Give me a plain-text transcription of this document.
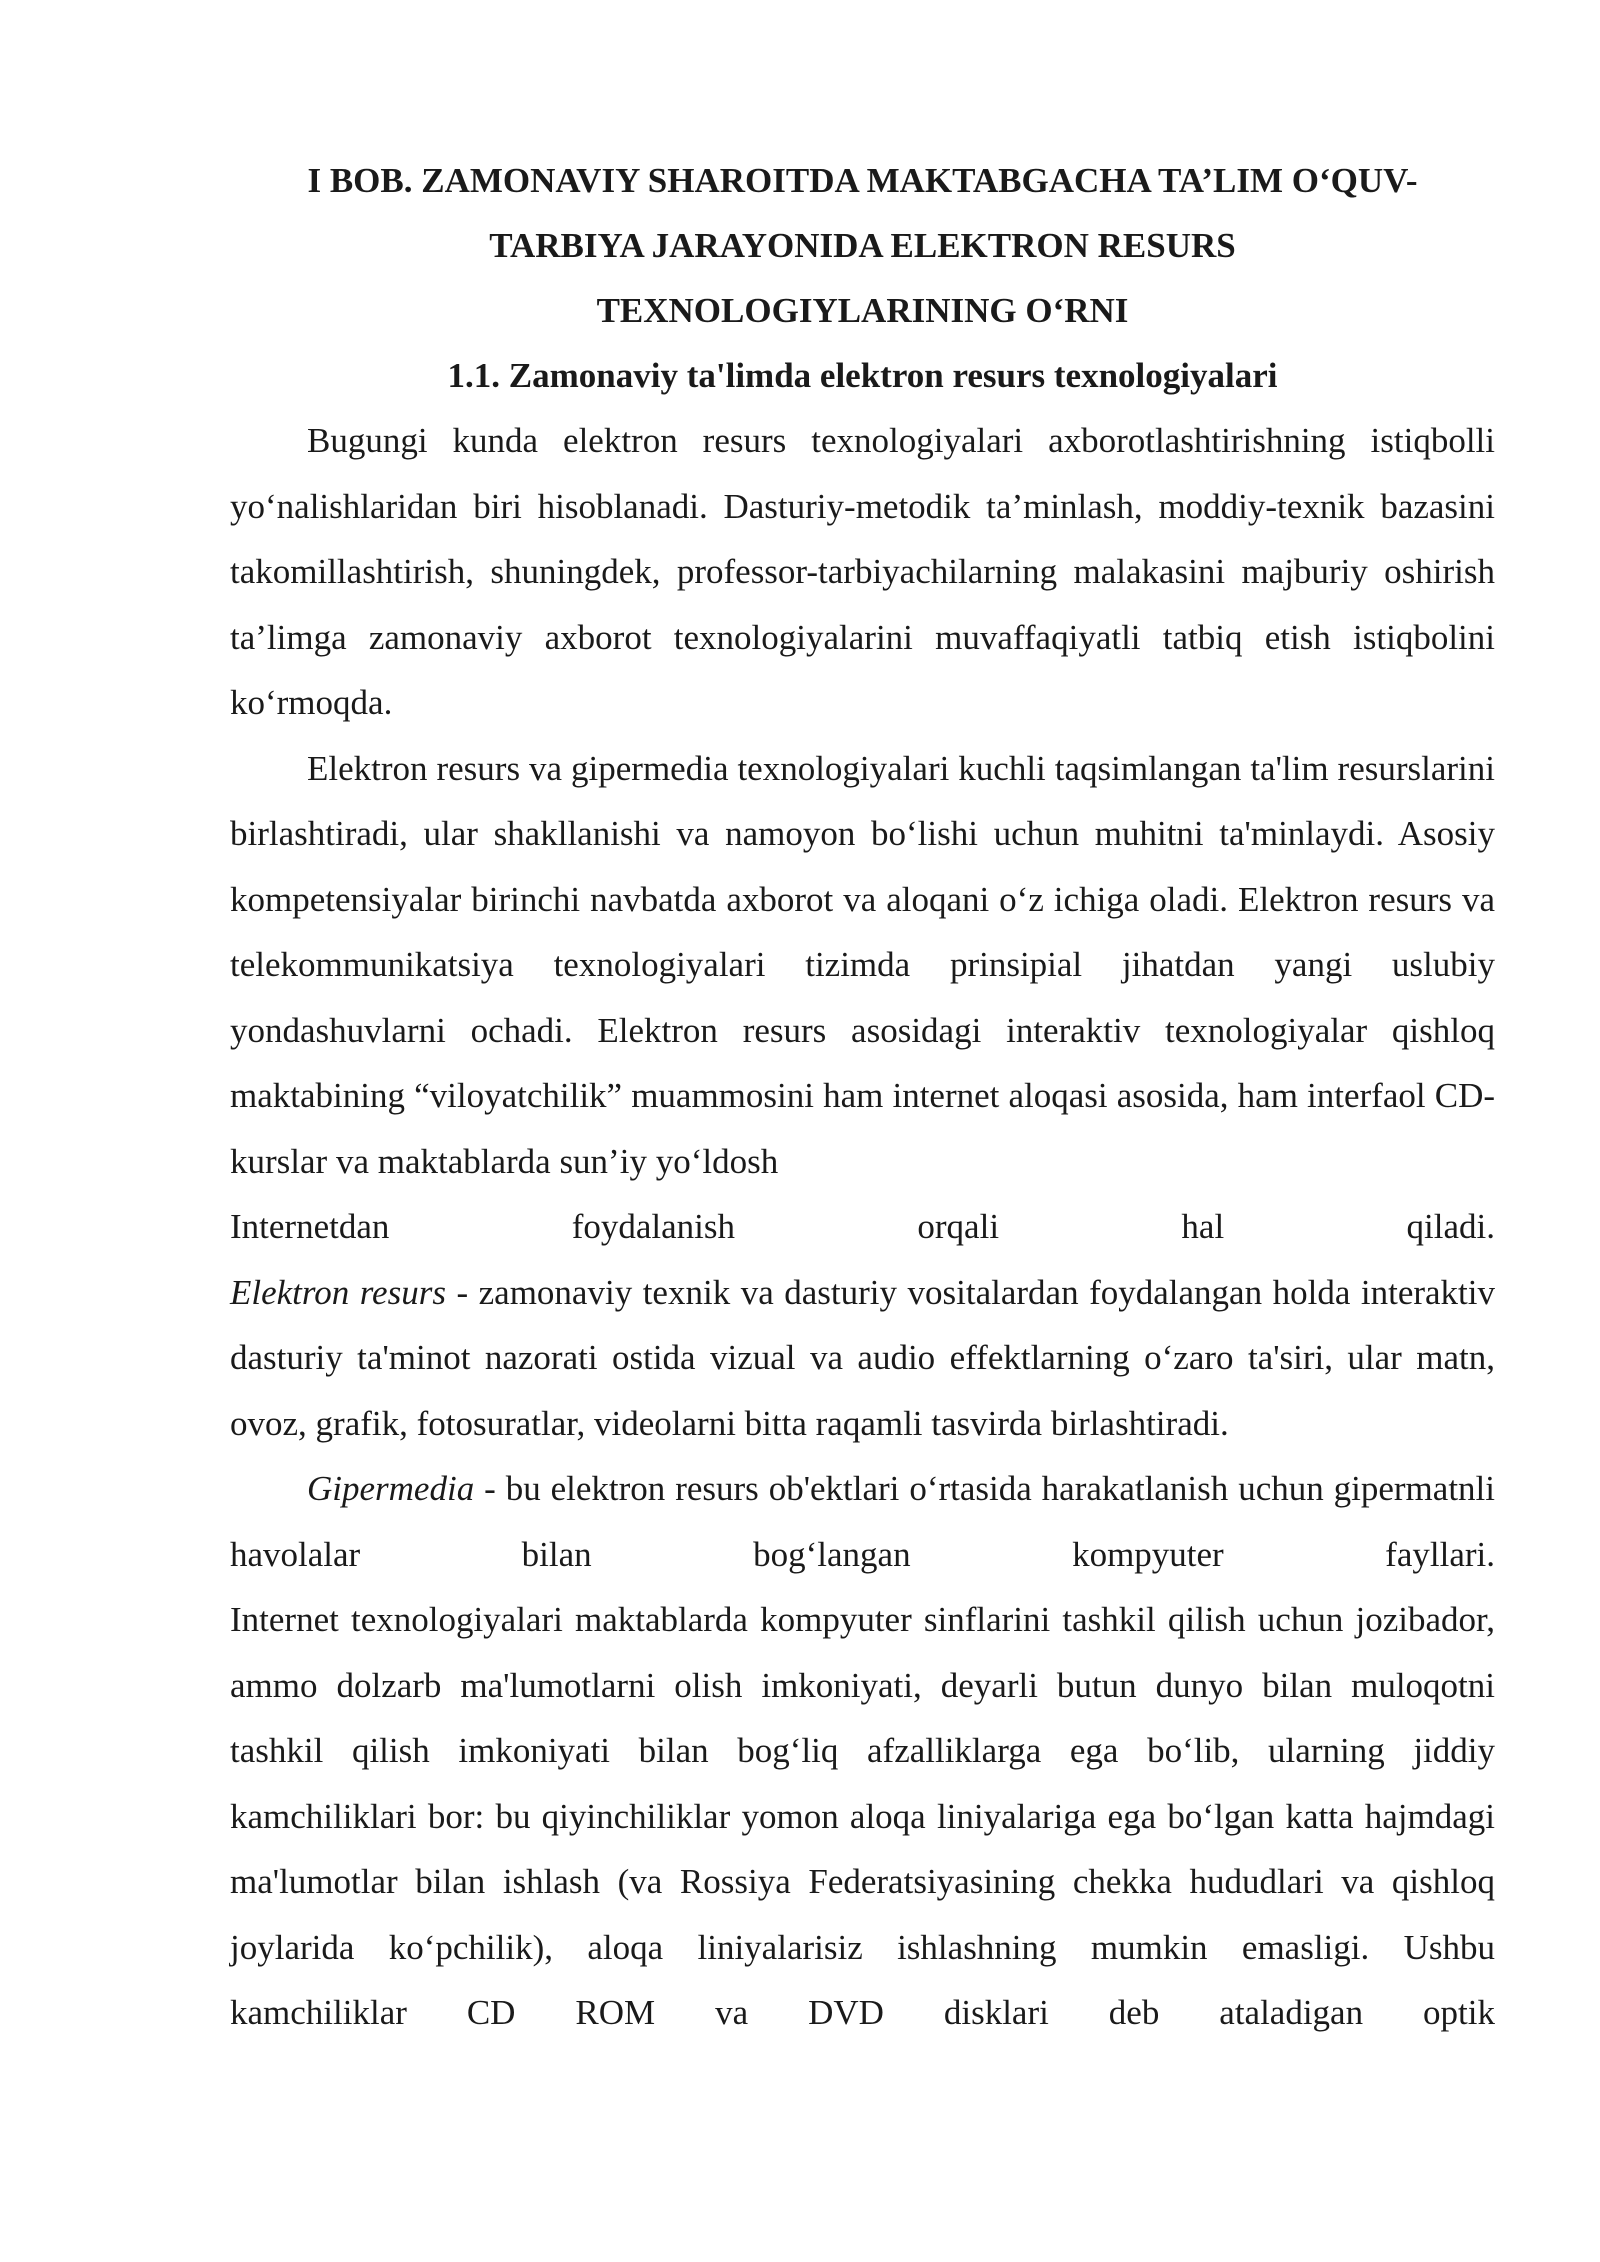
I BOB. ZAMONAVIY SHAROITDA MAKTABGACHA TA’LIM O‘QUV-

TARBIYA JARAYONIDA ELEKTRON RESURS

TEXNOLOGIYLARINING O‘RNI

1.1. Zamonaviy ta'limda elektron resurs texnologiyalari

Bugungi kunda elektron resurs texnologiyalari axborotlashtirishning istiqbolli yo‘nalishlaridan biri hisoblanadi. Dasturiy-metodik ta’minlash, moddiy-texnik bazasini takomillashtirish, shuningdek, professor-tarbiyachilarning malakasini majburiy oshirish ta’limga zamonaviy axborot texnologiyalarini muvaffaqiyatli tatbiq etish istiqbolini ko‘rmoqda.

Elektron resurs va gipermedia texnologiyalari kuchli taqsimlangan ta'lim resurslarini birlashtiradi, ular shakllanishi va namoyon bo‘lishi uchun muhitni ta'minlaydi. Asosiy kompetensiyalar birinchi navbatda axborot va aloqani o‘z ichiga oladi. Elektron resurs va telekommunikatsiya texnologiyalari tizimda prinsipial jihatdan yangi uslubiy yondashuvlarni ochadi. Elektron resurs asosidagi interaktiv texnologiyalar qishloq maktabining “viloyatchilik” muammosini ham internet aloqasi asosida, ham interfaol CD-kurslar va maktablarda sun’iy yo‘ldosh
Internetdan foydalanish orqali hal qiladi.

Elektron resurs - zamonaviy texnik va dasturiy vositalardan foydalangan holda interaktiv dasturiy ta'minot nazorati ostida vizual va audio effektlarning o‘zaro ta'siri, ular matn, ovoz, grafik, fotosuratlar, videolarni bitta raqamli tasvirda birlashtiradi.

Gipermedia - bu elektron resurs ob'ektlari o‘rtasida harakatlanish uchun gipermatnli havolalar bilan bog‘langan kompyuter fayllari.

Internet texnologiyalari maktablarda kompyuter sinflarini tashkil qilish uchun jozibador, ammo dolzarb ma'lumotlarni olish imkoniyati, deyarli butun dunyo bilan muloqotni tashkil qilish imkoniyati bilan bog‘liq afzalliklarga ega bo‘lib, ularning jiddiy kamchiliklari bor: bu qiyinchiliklar yomon aloqa liniyalariga ega bo‘lgan katta hajmdagi ma'lumotlar bilan ishlash (va Rossiya Federatsiyasining chekka hududlari va qishloq joylarida ko‘pchilik), aloqa liniyalarisiz ishlashning mumkin emasligi. Ushbu kamchiliklar CD ROM va DVD disklari deb ataladigan optik
